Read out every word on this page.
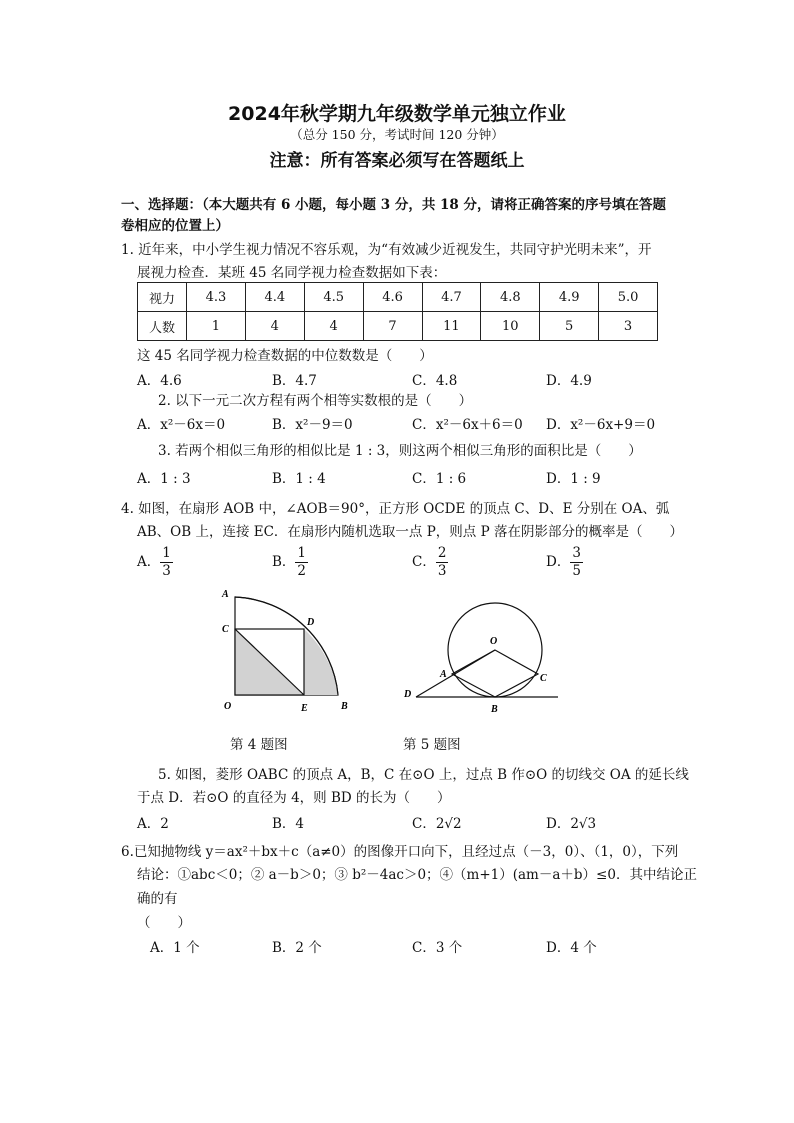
2024年秋学期九年级数学单元独立作业
（总分 150 分，考试时间 120 分钟）
注意：所有答案必须写在答题纸上
一、选择题：（本大题共有 6 小题，每小题 3 分，共 18 分，请将正确答案的序号填在答题
卷相应的位置上）
1. 近年来，中小学生视力情况不容乐观，为“有效减少近视发生，共同守护光明未来”，开
展视力检查．某班 45 名同学视力检查数据如下表：
视力	4.3	4.4	4.5	4.6	4.7	4.8	4.9	5.0
人数	1	4	4	7	11	10	5	3
这 45 名同学视力检查数据的中位数数是（　　）
A．4.6	B．4.7	C．4.8	D．4.9
2. 以下一元二次方程有两个相等实数根的是（　　）
A．x²－6x＝0	B．x²－9＝0	C．x²－6x＋6＝0 D．x²－6x+9＝0
3. 若两个相似三角形的相似比是 1 : 3，则这两个相似三角形的面积比是（　　）
A．1 : 3	B．1 : 4	C．1 : 6	D．1 : 9
4. 如图，在扇形 AOB 中，∠AOB＝90°，正方形 OCDE 的顶点 C、D、E 分别在 OA、弧
AB、OB 上，连接 EC．在扇形内随机选取一点 P，则点 P 落在阴影部分的概率是（　　）
A． $\frac{1}{3}$	B． $\frac{1}{2}$	C． $\frac{2}{3}$	D． $\frac{3}{5}$
A
C
D
O	E	B
O
A	C
D
B
第 4 题图	第 5 题图
5. 如图，菱形 OABC 的顶点 A，B，C 在⊙O 上，过点 B 作⊙O 的切线交 OA 的延长线
于点 D．若⊙O 的直径为 4，则 BD 的长为（　　）
A．2	B．4	C．2√2	D．2√3
6.已知抛物线 y＝ax²＋bx＋c（a≠0）的图像开口向下，且经过点（－3，0）、（1，0），下列
结论：①abc＜0；② a－b＞0；③ b²－4ac＞0；④（m+1）(am－a＋b）≤0．其中结论正
确的有
（　　）
A．1 个	B．2 个	C．3 个	D．4 个
